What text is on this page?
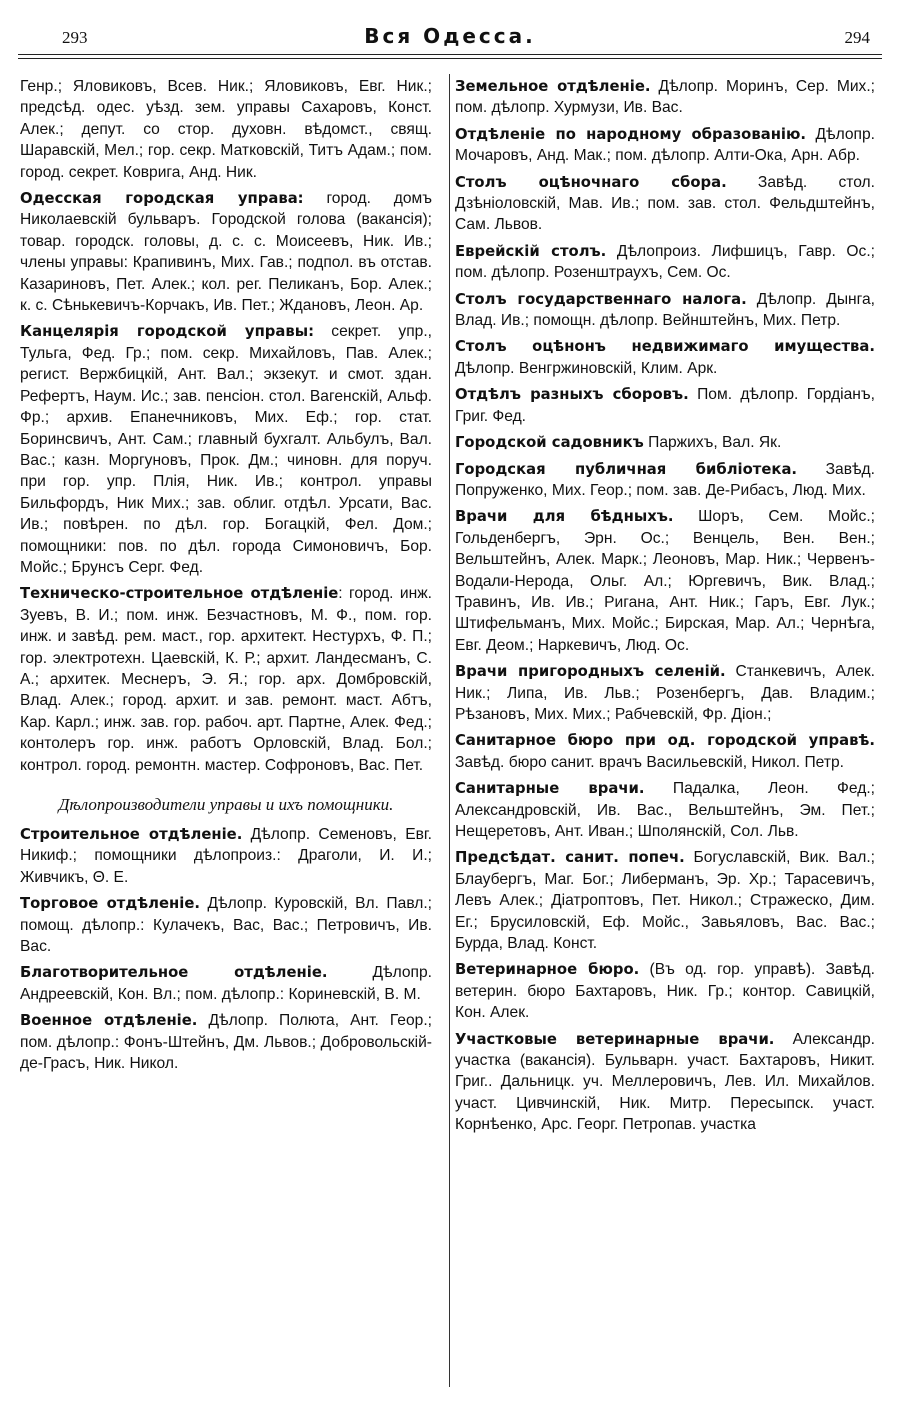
293	Вся Одесса.	294

Генр.; Яловиковъ, Всев. Ник.; Яловиковъ, Евг. Ник.; предсѣд. одес. уѣзд. зем. управы Сахаровъ, Конст. Алек.; депут. со стор. духовн. вѣдомст., свящ. Шаравскій, Мел.; гор. секр. Матковскій, Титъ Адам.; пом. город. секрет. Коврига, Анд. Ник.

Одесская городская управа: город. домъ Николаевскій бульваръ. Городской голова (вакансія); товар. городск. головы, д. с. с. Моисеевъ, Ник. Ив.; члены управы: Крапивинъ, Мих. Гав.; подпол. въ отстав. Казариновъ, Пет. Алек.; кол. рег. Пеликанъ, Бор. Алек.; к. с. Сѣнькевичъ-Корчакъ, Ив. Пет.; Ждановъ, Леон. Ар.

Канцелярія городской управы: секрет. упр., Тульга, Фед. Гр.; пом. секр. Михайловъ, Пав. Алек.; регист. Вержбицкій, Ант. Вал.; экзекут. и смот. здан. Рефертъ, Наум. Ис.; зав. пенсіон. стол. Вагенскій, Альф. Фр.; архив. Епанечниковъ, Мих. Еф.; гор. стат. Боринсвичъ, Ант. Сам.; главный бухгалт. Альбулъ, Вал. Вас.; казн. Моргуновъ, Прок. Дм.; чиновн. для поруч. при гор. упр. Плія, Ник. Ив.; контрол. управы Бильфордъ, Ник Мих.; зав. облиг. отдѣл. Урсати, Вас. Ив.; повѣрен. по дѣл. гор. Богацкій, Фел. Дом.; помощники: пов. по дѣл. города Симоновичъ, Бор. Мойс.; Брунсъ Серг. Фед.

Техническо-строительное отдѣленіе: город. инж. Зуевъ, В. И.; пом. инж. Безчастновъ, М. Ф., пом. гор. инж. и завѣд. рем. маст., гор. архитект. Нестурхъ, Ф. П.; гор. электротехн. Цаевскій, К. Р.; архит. Ландесманъ, С. А.; архитек. Меснеръ, Э. Я.; гор. арх. Домбровскій, Влад. Алек.; город. архит. и зав. ремонт. маст. Абтъ, Кар. Карл.; инж. зав. гор. рабоч. арт. Партне, Алек. Фед.; контолеръ гор. инж. работъ Орловскій, Влад. Бол.; контрол. город. ремонтн. мастер. Софроновъ, Вас. Пет.

Дѣлопроизводители управы и ихъ помощники.

Строительное отдѣленіе. Дѣлопр. Семеновъ, Евг. Никиф.; помощники дѣлопроиз.: Драголи, И. И.; Живчикъ, Θ. Е.

Торговое отдѣленіе. Дѣлопр. Куровскій, Вл. Павл.; помощ. дѣлопр.: Кулачекъ, Вас, Вас.; Петровичъ, Ив. Вас.

Благотворительное отдѣленіе. Дѣлопр. Андреевскій, Кон. Вл.; пом. дѣлопр.: Кориневскій, В. М.

Военное отдѣленіе. Дѣлопр. Полюта, Ант. Геор.; пом. дѣлопр.: Фонъ-Штейнъ, Дм. Львов.; Добровольскій-де-Грасъ, Ник. Никол.

Земельное отдѣленіе. Дѣлопр. Моринъ, Сер. Мих.; пом. дѣлопр. Хурмузи, Ив. Вас.

Отдѣленіе по народному образованію. Дѣлопр. Мочаровъ, Анд. Мак.; пом. дѣлопр. Алти-Ока, Арн. Абр.

Столъ оцѣночнаго сбора. Завѣд. стол. Дзѣніоловскій, Мав. Ив.; пом. зав. стол. Фельдштейнъ, Сам. Львов.

Еврейскій столъ. Дѣлопроиз. Лифшицъ, Гавр. Ос.; пом. дѣлопр. Розенштраухъ, Сем. Ос.

Столъ государственнаго налога. Дѣлопр. Дынга, Влад. Ив.; помощн. дѣлопр. Вейнштейнъ, Мих. Петр.

Столъ оцѣнонъ недвижимаго имущества. Дѣлопр. Венгржиновскій, Клим. Арк.

Отдѣлъ разныхъ сборовъ. Пом. дѣлопр. Гордіанъ, Григ. Фед.

Городской садовникъ Паржихъ, Вал. Як.

Городская публичная библіотека. Завѣд. Попруженко, Мих. Геор.; пом. зав. Де-Рибасъ, Люд. Мих.

Врачи для бѣдныхъ. Шоръ, Сем. Мойс.; Гольденбергъ, Эрн. Ос.; Венцель, Вен. Вен.; Вельштейнъ, Алек. Марк.; Леоновъ, Мар. Ник.; Червенъ-Водали-Нерода, Ольг. Ал.; Юргевичъ, Вик. Влад.; Травинъ, Ив. Ив.; Ригана, Ант. Ник.; Гаръ, Евг. Лук.; Штифельманъ, Мих. Мойс.; Бирская, Мар. Ал.; Чернѣга, Евг. Деом.; Наркевичъ, Люд. Ос.

Врачи пригородныхъ селеній. Станкевичъ, Алек. Ник.; Липа, Ив. Льв.; Розенбергъ, Дав. Владим.; Рѣзановъ, Мих. Мих.; Рабчевскій, Фр. Діон.;

Санитарное бюро при од. городской управѣ. Завѣд. бюро санит. врачъ Васильевскій, Никол. Петр.

Санитарные врачи. Падалка, Леон. Фед.; Александровскій, Ив. Вас., Вельштейнъ, Эм. Пет.; Нещеретовъ, Ант. Иван.; Шполянскій, Сол. Льв.

Предсѣдат. санит. попеч. Богуславскій, Вик. Вал.; Блаубергъ, Маг. Бог.; Либерманъ, Эр. Хр.; Тарасевичъ, Левъ Алек.; Діатроптовъ, Пет. Никол.; Стражеско, Дим. Ег.; Брусиловскій, Еф. Мойс., Завьяловъ, Вас. Вас.; Бурда, Влад. Конст.

Ветеринарное бюро. (Въ од. гор. управѣ). Завѣд. ветерин. бюро Бахтаровъ, Ник. Гр.; контор. Савицкій, Кон. Алек.

Участковые ветеринарные врачи. Александр. участка (вакансія). Бульварн. участ. Бахтаровъ, Никит. Григ.. Дальницк. уч. Меллеровичъ, Лев. Ил. Михайлов. участ. Цивчинскій, Ник. Митр. Пересыпск. участ. Корнѣенко, Арс. Георг. Петропав. участка
